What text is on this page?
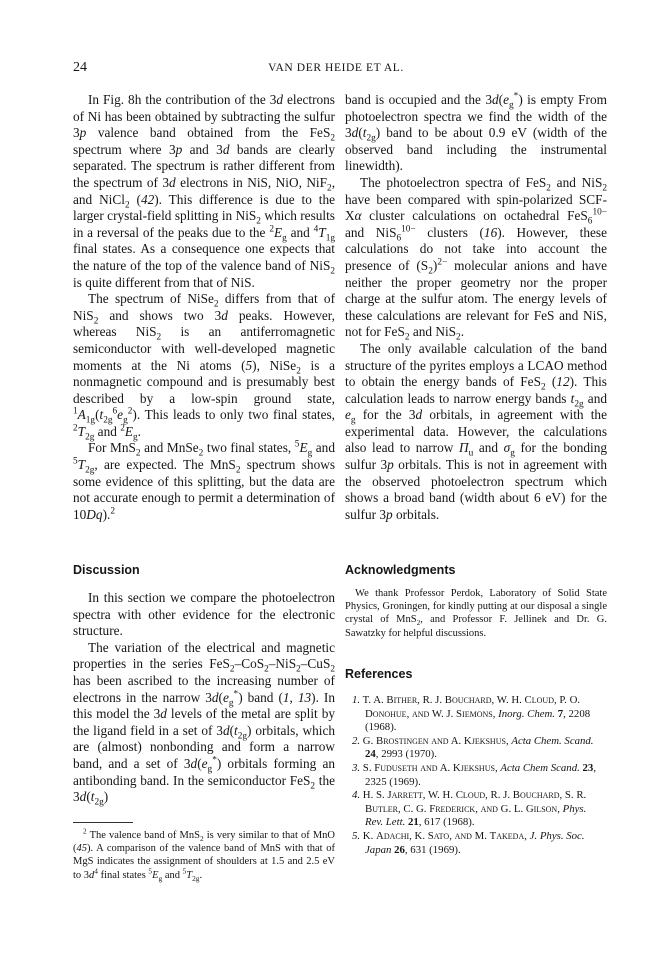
24	VAN DER HEIDE ET AL.

In Fig. 8h the contribution of the 3d electrons of Ni has been obtained by subtracting the sulfur 3p valence band obtained from the FeS$_2$ spectrum where 3p and 3d bands are clearly separated. The spectrum is rather different from the spectrum of 3d electrons in NiS, NiO, NiF$_2$, and NiCl$_2$ (42). This difference is due to the larger crystal-field splitting in NiS$_2$ which results in a reversal of the peaks due to the $^2E_g$ and $^4T_{1g}$ final states. As a consequence one expects that the nature of the top of the valence band of NiS$_2$ is quite different from that of NiS.

The spectrum of NiSe$_2$ differs from that of NiS$_2$ and shows two 3d peaks. However, whereas NiS$_2$ is an antiferromagnetic semiconductor with well-developed magnetic moments at the Ni atoms (5), NiSe$_2$ is a nonmagnetic compound and is presumably best described by a low-spin ground state, $^1A_{1g}(t_{2g}^6e_g^2)$. This leads to only two final states, $^2T_{2g}$ and $^2E_g$.

For MnS$_2$ and MnSe$_2$ two final states, $^5E_g$ and $^5T_{2g}$, are expected. The MnS$_2$ spectrum shows some evidence of this splitting, but the data are not accurate enough to permit a determination of 10Dq).$^2$

band is occupied and the $3d(e_g^*)$ is empty From photoelectron spectra we find the width of the $3d(t_{2g})$ band to be about 0.9 eV (width of the observed band including the instrumental linewidth).

The photoelectron spectra of FeS$_2$ and NiS$_2$ have been compared with spin-polarized SCF-Xα cluster calculations on octahedral FeS$_6^{10-}$ and NiS$_6^{10-}$ clusters (16). However, these calculations do not take into account the presence of $(S_2)^{2-}$ molecular anions and have neither the proper geometry nor the proper charge at the sulfur atom. The energy levels of these calculations are relevant for FeS and NiS, not for FeS$_2$ and NiS$_2$.

The only available calculation of the band structure of the pyrites employs a LCAO method to obtain the energy bands of FeS$_2$ (12). This calculation leads to narrow energy bands $t_{2g}$ and $e_g$ for the 3d orbitals, in agreement with the experimental data. However, the calculations also lead to narrow $\Pi_u$ and $\sigma_g$ for the bonding sulfur 3p orbitals. This is not in agreement with the observed photoelectron spectrum which shows a broad band (width about 6 eV) for the sulfur 3p orbitals.

Discussion

In this section we compare the photoelectron spectra with other evidence for the electronic structure.

The variation of the electrical and magnetic properties in the series FeS$_2$–CoS$_2$–NiS$_2$–CuS$_2$ has been ascribed to the increasing number of electrons in the narrow $3d(e_g^*)$ band (1, 13). In this model the 3d levels of the metal are split by the ligand field in a set of $3d(t_{2g})$ orbitals, which are (almost) nonbonding and form a narrow band, and a set of $3d(e_g^*)$ orbitals forming an antibonding band. In the semiconductor FeS$_2$ the $3d(t_{2g})$

$^2$ The valence band of MnS$_2$ is very similar to that of MnO (45). A comparison of the valence band of MnS with that of MgS indicates the assignment of shoulders at 1.5 and 2.5 eV to $3d^4$ final states $^5E_g$ and $^5T_{2g}$.

Acknowledgments

We thank Professor Perdok, Laboratory of Solid State Physics, Groningen, for kindly putting at our disposal a single crystal of MnS$_2$, and Professor F. Jellinek and Dr. G. Sawatzky for helpful discussions.

References
1. T. A. Bither, R. J. Bouchard, W. H. Cloud, P. O. Donohue, and W. J. Siemons, Inorg. Chem. 7, 2208 (1968).
2. G. Brostingen and A. Kjekshus, Acta Chem. Scand. 24, 2993 (1970).
3. S. Fuduseth and A. Kjekshus, Acta Chem Scand. 23, 2325 (1969).
4. H. S. Jarrett, W. H. Cloud, R. J. Bouchard, S. R. Butler, C. G. Frederick, and G. L. Gilson, Phys. Rev. Lett. 21, 617 (1968).
5. K. Adachi, K. Sato, and M. Takeda, J. Phys. Soc. Japan 26, 631 (1969).
